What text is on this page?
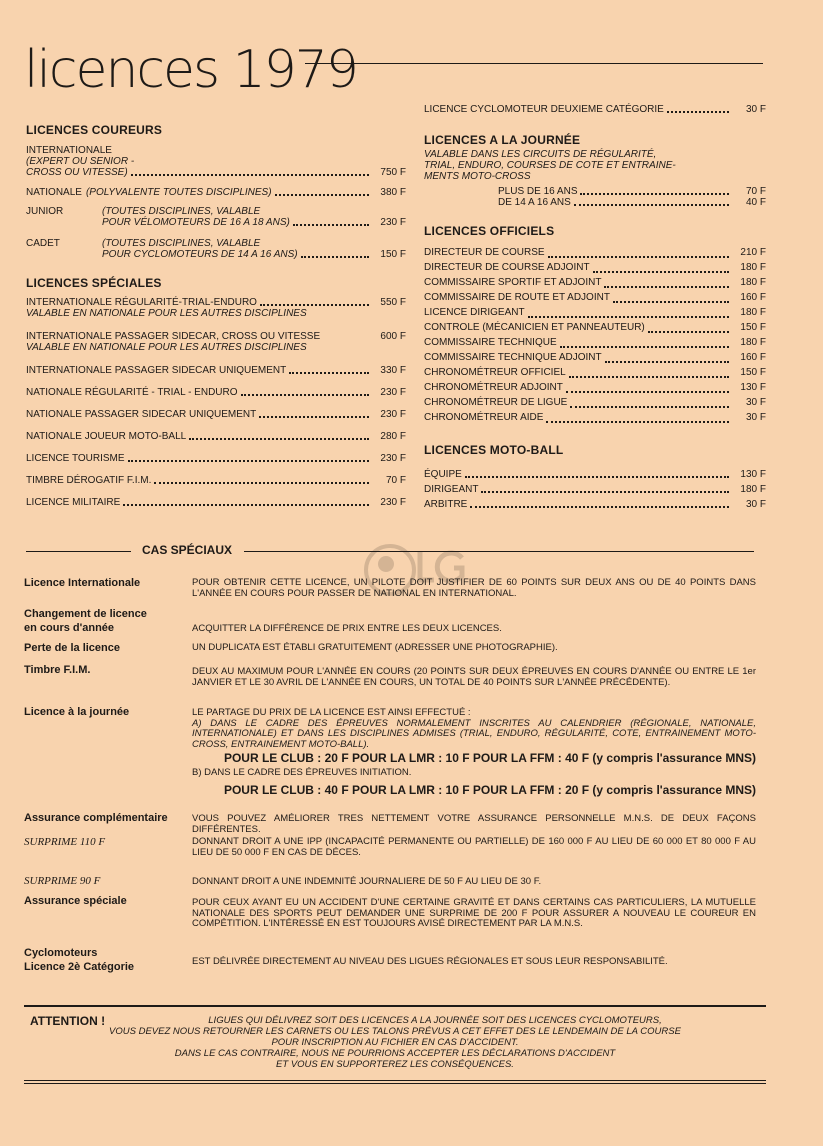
licences 1979
LICENCES COUREURS
INTERNATIONALE
(EXPERT OU SENIOR -
CROSS OU VITESSE)	750 F
NATIONALE (POLYVALENTE TOUTES DISCIPLINES)	380 F
JUNIOR	(TOUTES DISCIPLINES, VALABLE
POUR VÉLOMOTEURS DE 16 A 18 ANS)	230 F
CADET	(TOUTES DISCIPLINES, VALABLE
POUR CYCLOMOTEURS DE 14 A 16 ANS)	150 F
LICENCES SPÉCIALES
INTERNATIONALE RÉGULARITÉ-TRIAL-ENDURO	550 F
VALABLE EN NATIONALE POUR LES AUTRES DISCIPLINES
INTERNATIONALE PASSAGER SIDECAR, CROSS OU VITESSE	600 F
VALABLE EN NATIONALE POUR LES AUTRES DISCIPLINES
INTERNATIONALE PASSAGER SIDECAR UNIQUEMENT	330 F
NATIONALE RÉGULARITÉ - TRIAL - ENDURO	230 F
NATIONALE PASSAGER SIDECAR UNIQUEMENT	230 F
NATIONALE JOUEUR MOTO-BALL	280 F
LICENCE TOURISME	230 F
TIMBRE DÉROGATIF F.I.M.	70 F
LICENCE MILITAIRE	230 F
LICENCE CYCLOMOTEUR DEUXIEME CATÉGORIE	30 F
LICENCES A LA JOURNÉE
VALABLE DANS LES CIRCUITS DE RÉGULARITÉ,
TRIAL, ENDURO, COURSES DE COTE ET ENTRAINE-
MENTS MOTO-CROSS
PLUS DE 16 ANS	70 F
DE 14 A 16 ANS	40 F
LICENCES OFFICIELS
DIRECTEUR DE COURSE	210 F
DIRECTEUR DE COURSE ADJOINT	180 F
COMMISSAIRE SPORTIF ET ADJOINT	180 F
COMMISSAIRE DE ROUTE ET ADJOINT	160 F
LICENCE DIRIGEANT	180 F
CONTROLE (MÉCANICIEN ET PANNEAUTEUR)	150 F
COMMISSAIRE TECHNIQUE	180 F
COMMISSAIRE TECHNIQUE ADJOINT	160 F
CHRONOMÉTREUR OFFICIEL	150 F
CHRONOMÉTREUR ADJOINT	130 F
CHRONOMÉTREUR DE LIGUE	30 F
CHRONOMÉTREUR AIDE	30 F
LICENCES MOTO-BALL
ÉQUIPE	130 F
DIRIGEANT	180 F
ARBITRE	30 F
CAS SPÉCIAUX
Licence Internationale	POUR OBTENIR CETTE LICENCE, UN PILOTE DOIT JUSTIFIER DE 60 POINTS SUR DEUX ANS OU DE 40 POINTS DANS L'ANNÉE EN COURS POUR PASSER DE NATIONAL EN INTERNATIONAL.
Changement de licence
en cours d'année	ACQUITTER LA DIFFÉRENCE DE PRIX ENTRE LES DEUX LICENCES.
Perte de la licence	UN DUPLICATA EST ÉTABLI GRATUITEMENT (ADRESSER UNE PHOTOGRAPHIE).
Timbre F.I.M.	DEUX AU MAXIMUM POUR L'ANNÉE EN COURS (20 POINTS SUR DEUX ÉPREUVES EN COURS D'ANNÉE OU ENTRE LE 1er JANVIER ET LE 30 AVRIL DE L'ANNÉE EN COURS, UN TOTAL DE 40 POINTS SUR L'ANNÉE PRÉCÉDENTE).
Licence à la journée	LE PARTAGE DU PRIX DE LA LICENCE EST AINSI EFFECTUÉ :
A) DANS LE CADRE DES ÉPREUVES NORMALEMENT INSCRITES AU CALENDRIER (RÉGIONALE, NATIONALE, INTERNATIONALE) ET DANS LES DISCIPLINES ADMISES (TRIAL, ENDURO, RÉGULARITÉ, COTE, ENTRAINEMENT MOTO-CROSS, ENTRAINEMENT MOTO-BALL).
POUR LE CLUB : 20 F POUR LA LMR : 10 F POUR LA FFM : 40 F (y compris l'assurance MNS)
B) DANS LE CADRE DES ÉPREUVES INITIATION.
POUR LE CLUB : 40 F POUR LA LMR : 10 F POUR LA FFM : 20 F (y compris l'assurance MNS)
Assurance complémentaire	VOUS POUVEZ AMÉLIORER TRES NETTEMENT VOTRE ASSURANCE PERSONNELLE M.N.S. DE DEUX FAÇONS DIFFÉRENTES.
SURPRIME 110 F	DONNANT DROIT A UNE IPP (INCAPACITÉ PERMANENTE OU PARTIELLE) DE 160 000 F AU LIEU DE 60 000 ET 80 000 F AU LIEU DE 50 000 F EN CAS DE DÉCES.
SURPRIME 90 F	DONNANT DROIT A UNE INDEMNITÉ JOURNALIERE DE 50 F AU LIEU DE 30 F.
Assurance spéciale	POUR CEUX AYANT EU UN ACCIDENT D'UNE CERTAINE GRAVITÉ ET DANS CERTAINS CAS PARTICULIERS, LA MUTUELLE NATIONALE DES SPORTS PEUT DEMANDER UNE SURPRIME DE 200 F POUR ASSURER A NOUVEAU LE COUREUR EN COMPÉTITION. L'INTÉRESSÉ EN EST TOUJOURS AVISÉ DIRECTEMENT PAR LA M.N.S.
Cyclomoteurs
Licence 2è Catégorie	EST DÉLIVRÉE DIRECTEMENT AU NIVEAU DES LIGUES RÉGIONALES ET SOUS LEUR RESPONSABILITÉ.
ATTENTION !	LIGUES QUI DÉLIVREZ SOIT DES LICENCES A LA JOURNÉE SOIT DES LICENCES CYCLOMOTEURS,
VOUS DEVEZ NOUS RETOURNER LES CARNETS OU LES TALONS PRÉVUS A CET EFFET DES LE LENDEMAIN DE LA COURSE
POUR INSCRIPTION AU FICHIER EN CAS D'ACCIDENT.
DANS LE CAS CONTRAIRE, NOUS NE POURRIONS ACCEPTER LES DÉCLARATIONS D'ACCIDENT
ET VOUS EN SUPPORTEREZ LES CONSÉQUENCES.
